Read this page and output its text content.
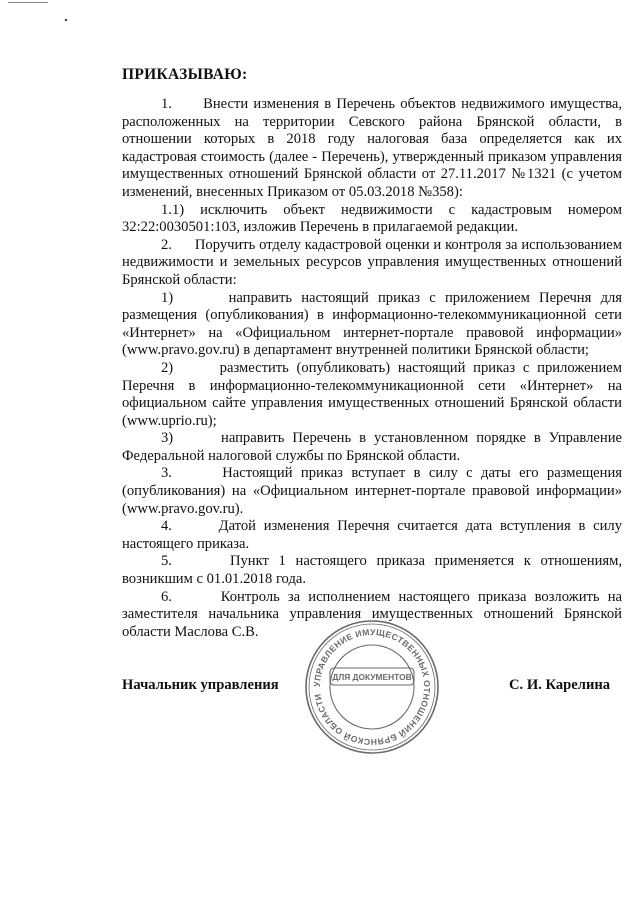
ПРИКАЗЫВАЮ:

1.      Внести изменения в Перечень объектов недвижимого имущества, расположенных на территории Севского района Брянской области, в отношении которых в 2018 году налоговая база определяется как их кадастровая стоимость (далее - Перечень), утвержденный приказом управления имущественных отношений Брянской области от 27.11.2017 №1321 (с учетом изменений, внесенных Приказом от 05.03.2018 №358):

1.1) исключить объект недвижимости с кадастровым номером 32:22:0030501:103, изложив Перечень в прилагаемой редакции.

2.      Поручить отделу кадастровой оценки и контроля за использованием недвижимости и земельных ресурсов управления имущественных отношений Брянской области:

1)      направить настоящий приказ с приложением Перечня для размещения (опубликования) в информационно-телекоммуникационной сети «Интернет» на «Официальном интернет-портале правовой информации» (www.pravo.gov.ru) в департамент внутренней политики Брянской области;

2)      разместить (опубликовать) настоящий приказ с приложением Перечня в информационно-телекоммуникационной сети «Интернет» на официальном сайте управления имущественных отношений Брянской области (www.uprio.ru);

3)      направить Перечень в установленном порядке в Управление Федеральной налоговой службы по Брянской области.

3.      Настоящий приказ вступает в силу с даты его размещения (опубликования) на «Официальном интернет-портале правовой информации» (www.pravo.gov.ru).

4.      Датой изменения Перечня считается дата вступления в силу настоящего приказа.

5.      Пункт 1 настоящего приказа применяется к отношениям, возникшим с 01.01.2018 года.

6.      Контроль за исполнением настоящего приказа возложить на заместителя начальника управления имущественных отношений Брянской области Маслова С.В.

УПРАВЛЕНИЕ ИМУЩЕСТВЕННЫХ ОТНОШЕНИЙ БРЯНСКОЙ ОБЛАСТИ
ДЛЯ ДОКУМЕНТОВ
Начальник управления	С. И. Карелина
